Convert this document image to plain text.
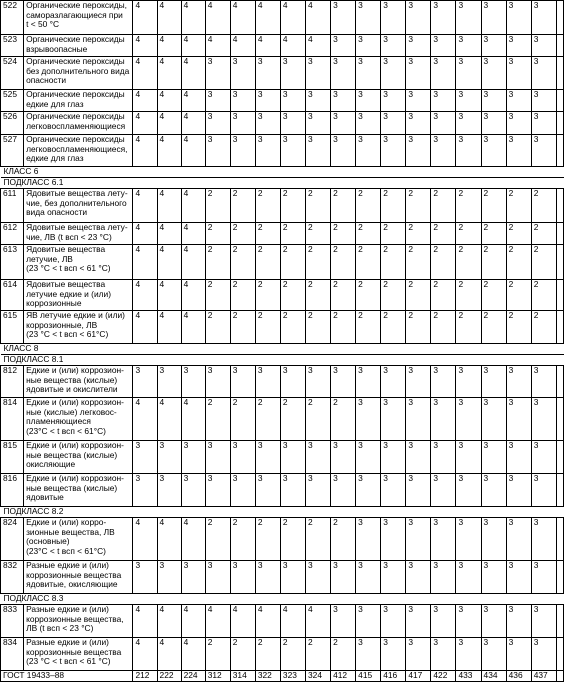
522	Органические пероксиды,
саморазлагающиеся при
t < 50 °C	4	4	4	4	4	4	4	4	3	3	3	3	3	3	3	3	3	
523	Органические пероксиды
взрывоопасные	4	4	4	4	4	4	4	4	3	3	3	3	3	3	3	3	3	
524	Органические пероксиды
без дополнительного вида
опасности	4	4	4	3	3	3	3	3	3	3	3	3	3	3	3	3	3	
525	Органические пероксиды
едкие для глаз	4	4	4	3	3	3	3	3	3	3	3	3	3	3	3	3	3	
526	Органические пероксиды
легковоспламеняющиеся	4	4	4	3	3	3	3	3	3	3	3	3	3	3	3	3	3	
527	Органические пероксиды
легковоспламеняющиеся,
едкие для глаз	4	4	4	3	3	3	3	3	3	3	3	3	3	3	3	3	3	
КЛАСС 6																			
ПОДКЛАСС 6.1																			
611	Ядовитые вещества лету-
чие, без дополнительного
вида опасности	4	4	4	2	2	2	2	2	2	2	2	2	2	2	2	2	2	
612	Ядовитые вещества лету-
чие, ЛВ (t всп < 23 °С)	4	4	4	2	2	2	2	2	2	2	2	2	2	2	2	2	2	
613	Ядовитые вещества
летучие, ЛВ
(23 °С < t всп < 61 °С)	4	4	4	2	2	2	2	2	2	2	2	2	2	2	2	2	2	
614	Ядовитые вещества
летучие едкие и (или)
коррозионные	4	4	4	2	2	2	2	2	2	2	2	2	2	2	2	2	2	
615	ЯВ летучие едкие и (или)
коррозионные, ЛВ
(23 °С < t всп < 61°С)	4	4	4	2	2	2	2	2	2	2	2	2	2	2	2	2	2	
КЛАСС 8																			
ПОДКЛАСС 8.1																			
812	Едкие и (или) коррозион-
ные вещества (кислые)
ядовитые и окислители	3	3	3	3	3	3	3	3	3	3	3	3	3	3	3	3	3	
814	Едкие и (или) коррозион-
ные (кислые) легковос-
пламеняющиеся
(23°С < t всп < 61°С)	4	4	4	2	2	2	2	2	2	3	3	3	3	3	3	3	3	
815	Едкие и (или) коррозион-
ные вещества (кислые)
окисляющие	3	3	3	3	3	3	3	3	3	3	3	3	3	3	3	3	3	
816	Едкие и (или) коррозион-
ные вещества (кислые)
ядовитые	3	3	3	3	3	3	3	3	3	3	3	3	3	3	3	3	3	
ПОДКЛАСС 8.2																			
824	Едкие и (или) корро-
зионные вещества, ЛВ
(основные)
(23°С < t всп < 61°С)	4	4	4	2	2	2	2	2	2	3	3	3	3	3	3	3	3	
832	Разные едкие и (или)
коррозионные вещества
ядовитые, окисляющие	3	3	3	3	3	3	3	3	3	3	3	3	3	3	3	3	3	
ПОДКЛАСС 8.3																			
833	Разные едкие и (или)
коррозионные вещества,
ЛВ (t всп < 23 °С)	4	4	4	4	4	4	4	4	3	3	3	3	3	3	3	3	3	
834	Разные едкие и (или)
коррозионные вещества
(23 °С < t всп < 61 °С)	4	4	4	2	2	2	2	2	2	3	3	3	3	3	3	3	3	
ГОСТ 19433–88		212	222	224	312	314	322	323	324	412	415	416	417	422	433	434	436	437	
